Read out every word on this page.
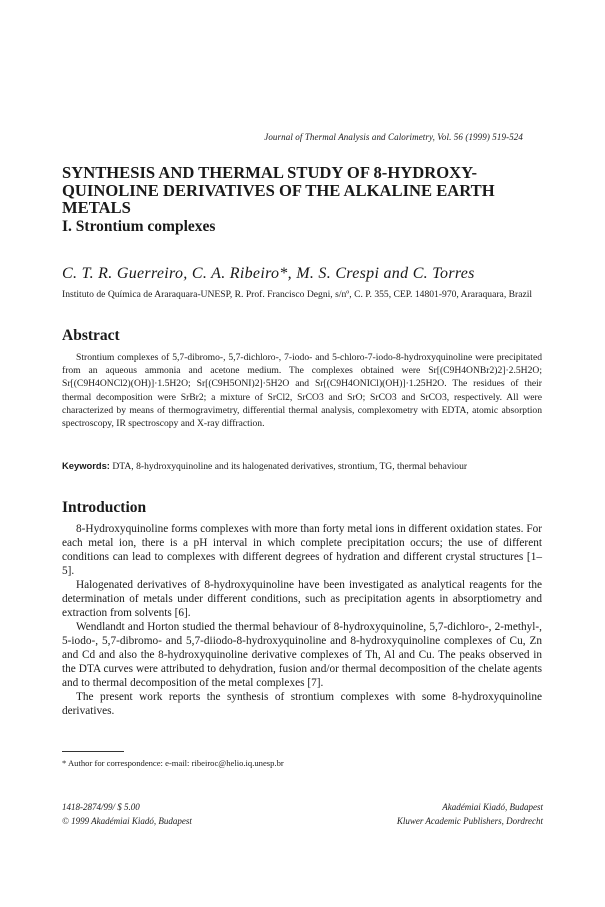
Journal of Thermal Analysis and Calorimetry, Vol. 56 (1999) 519-524
SYNTHESIS AND THERMAL STUDY OF 8-HYDROXY-QUINOLINE DERIVATIVES OF THE ALKALINE EARTH METALS
I. Strontium complexes
C. T. R. Guerreiro, C. A. Ribeiro*, M. S. Crespi and C. Torres
Instituto de Química de Araraquara-UNESP, R. Prof. Francisco Degni, s/nº, C. P. 355, CEP. 14801-970, Araraquara, Brazil
Abstract

Strontium complexes of 5,7-dibromo-, 5,7-dichloro-, 7-iodo- and 5-chloro-7-iodo-8-hydroxyquinoline were precipitated from an aqueous ammonia and acetone medium. The complexes obtained were Sr[(C9H4ONBr2)2]·2.5H2O; Sr[(C9H4ONCl2)(OH)]·1.5H2O; Sr[(C9H5ONI)2]·5H2O and Sr[(C9H4ONICl)(OH)]·1.25H2O. The residues of their thermal decomposition were SrBr2; a mixture of SrCl2, SrCO3 and SrO; SrCO3 and SrCO3, respectively. All were characterized by means of thermogravimetry, differential thermal analysis, complexometry with EDTA, atomic absorption spectroscopy, IR spectroscopy and X-ray diffraction.

Keywords: DTA, 8-hydroxyquinoline and its halogenated derivatives, strontium, TG, thermal behaviour

Introduction

8-Hydroxyquinoline forms complexes with more than forty metal ions in different oxidation states. For each metal ion, there is a pH interval in which complete precipitation occurs; the use of different conditions can lead to complexes with different degrees of hydration and different crystal structures [1–5].

Halogenated derivatives of 8-hydroxyquinoline have been investigated as analytical reagents for the determination of metals under different conditions, such as precipitation agents in absorptiometry and extraction from solvents [6].

Wendlandt and Horton studied the thermal behaviour of 8-hydroxyquinoline, 5,7-dichloro-, 2-methyl-, 5-iodo-, 5,7-dibromo- and 5,7-diiodo-8-hydroxyquinoline and 8-hydroxyquinoline complexes of Cu, Zn and Cd and also the 8-hydroxyquinoline derivative complexes of Th, Al and Cu. The peaks observed in the DTA curves were attributed to dehydration, fusion and/or thermal decomposition of the chelate agents and to thermal decomposition of the metal complexes [7].

The present work reports the synthesis of strontium complexes with some 8-hydroxyquinoline derivatives.

* Author for correspondence: e-mail: ribeiroc@helio.iq.unesp.br
1418-2874/99/ $ 5.00
© 1999 Akadémiai Kiadó, Budapest
Akadémiai Kiadó, Budapest
Kluwer Academic Publishers, Dordrecht
